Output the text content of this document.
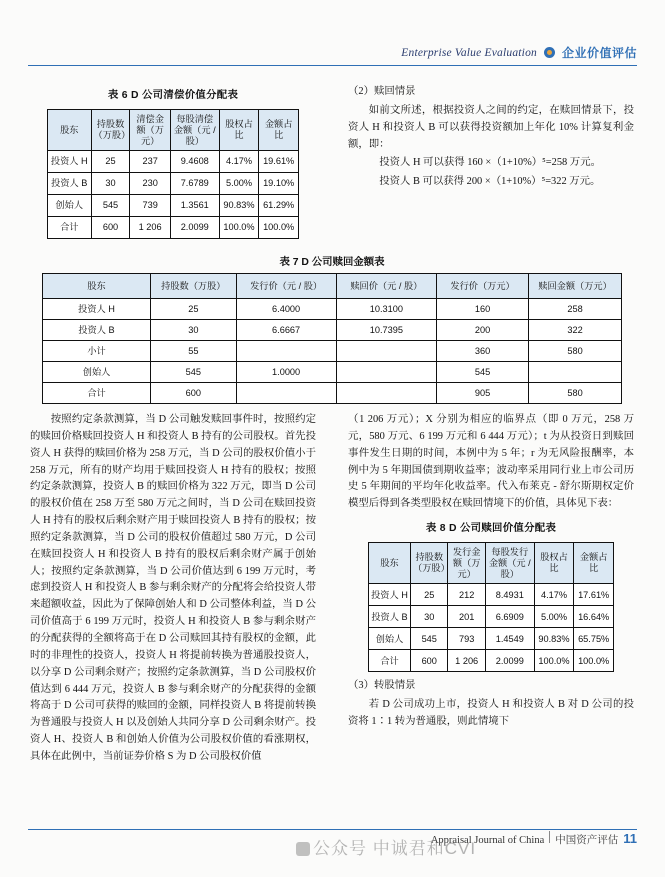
Enterprise Value Evaluation 企业价值评估
表 6 D 公司清偿价值分配表
股东	持股数（万股）	清偿金额（万元）	每股清偿金额（元 / 股）	股权占比	金额占比
投资人 H	25	237	9.4608	4.17%	19.61%
投资人 B	30	230	7.6789	5.00%	19.10%
创始人	545	739	1.3561	90.83%	61.29%
合计	600	1 206	2.0099	100.0%	100.0%

（2）赎回情景

如前文所述，根据投资人之间的约定，在赎回情景下，投资人 H 和投资人 B 可以获得投资额加上年化 10% 计算复利金额，即：

投资人 H 可以获得 160 ×（1+10%）⁵=258 万元。

投资人 B 可以获得 200 ×（1+10%）⁵=322 万元。

表 7 D 公司赎回金额表
股东	持股数（万股）	发行价（元 / 股）	赎回价（元 / 股）	发行价（万元）	赎回金额（万元）
投资人 H	25	6.4000	10.3100	160	258
投资人 B	30	6.6667	10.7395	200	322
小计	55			360	580
创始人	545	1.0000		545	
合计	600			905	580

按照约定条款测算，当 D 公司触发赎回事件时，按照约定的赎回价格赎回投资人 H 和投资人 B 持有的公司股权。首先投资人 H 获得的赎回价格为 258 万元，当 D 公司的股权价值小于 258 万元，所有的财产均用于赎回投资人 H 持有的股权；按照约定条款测算，投资人 B 的赎回价格为 322 万元，即当 D 公司的股权价值在 258 万至 580 万元之间时，当 D 公司在赎回投资人 H 持有的股权后剩余财产用于赎回投资人 B 持有的股权；按照约定条款测算，当 D 公司的股权价值超过 580 万元，D 公司在赎回投资人 H 和投资人 B 持有的股权后剩余财产属于创始人；按照约定条款测算，当 D 公司价值达到 6 199 万元时，考虑到投资人 H 和投资人 B 参与剩余财产的分配将会给投资人带来超额收益，因此为了保障创始人和 D 公司整体利益，当 D 公司价值高于 6 199 万元时，投资人 H 和投资人 B 参与剩余财产的分配获得的全额将高于在 D 公司赎回其持有股权的金额，此时的非理性的投资人，投资人 H 将提前转换为普通股投资人，以分享 D 公司剩余财产；按照约定条款测算，当 D 公司股权价值达到 6 444 万元，投资人 B 参与剩余财产的分配获得的金额将高于 D 公司可获得的赎回的金额，同样投资人 B 将提前转换为普通股与投资人 H 以及创始人共同分享 D 公司剩余财产。投资人 H、投资人 B 和创始人价值为公司股权价值的看涨期权，具体在此例中，当前证券价格 S 为 D 公司股权价值

（1 206 万元）；X 分别为相应的临界点（即 0 万元，258 万元，580 万元、6 199 万元和 6 444 万元）；t 为从投资日到赎回事件发生日期的时间，本例中为 5 年；r 为无风险报酬率，本例中为 5 年期国债到期收益率；波动率采用同行业上市公司历史 5 年期间的平均年化收益率。代入布莱克 - 舒尔斯期权定价模型后得到各类型股权在赎回情境下的价值，具体见下表：

表 8 D 公司赎回价值分配表
股东	持股数（万股）	发行金额（万元）	每股发行金额（元 / 股）	股权占比	金额占比
投资人 H	25	212	8.4931	4.17%	17.61%
投资人 B	30	201	6.6909	5.00%	16.64%
创始人	545	793	1.4549	90.83%	65.75%
合计	600	1 206	2.0099	100.0%	100.0%

（3）转股情景

若 D 公司成功上市，投资人 H 和投资人 B 对 D 公司的投资将 1∶1 转为普通股，则此情境下

Appraisal Journal of China 中国资产评估 11
公众号 中诚君和CVI
